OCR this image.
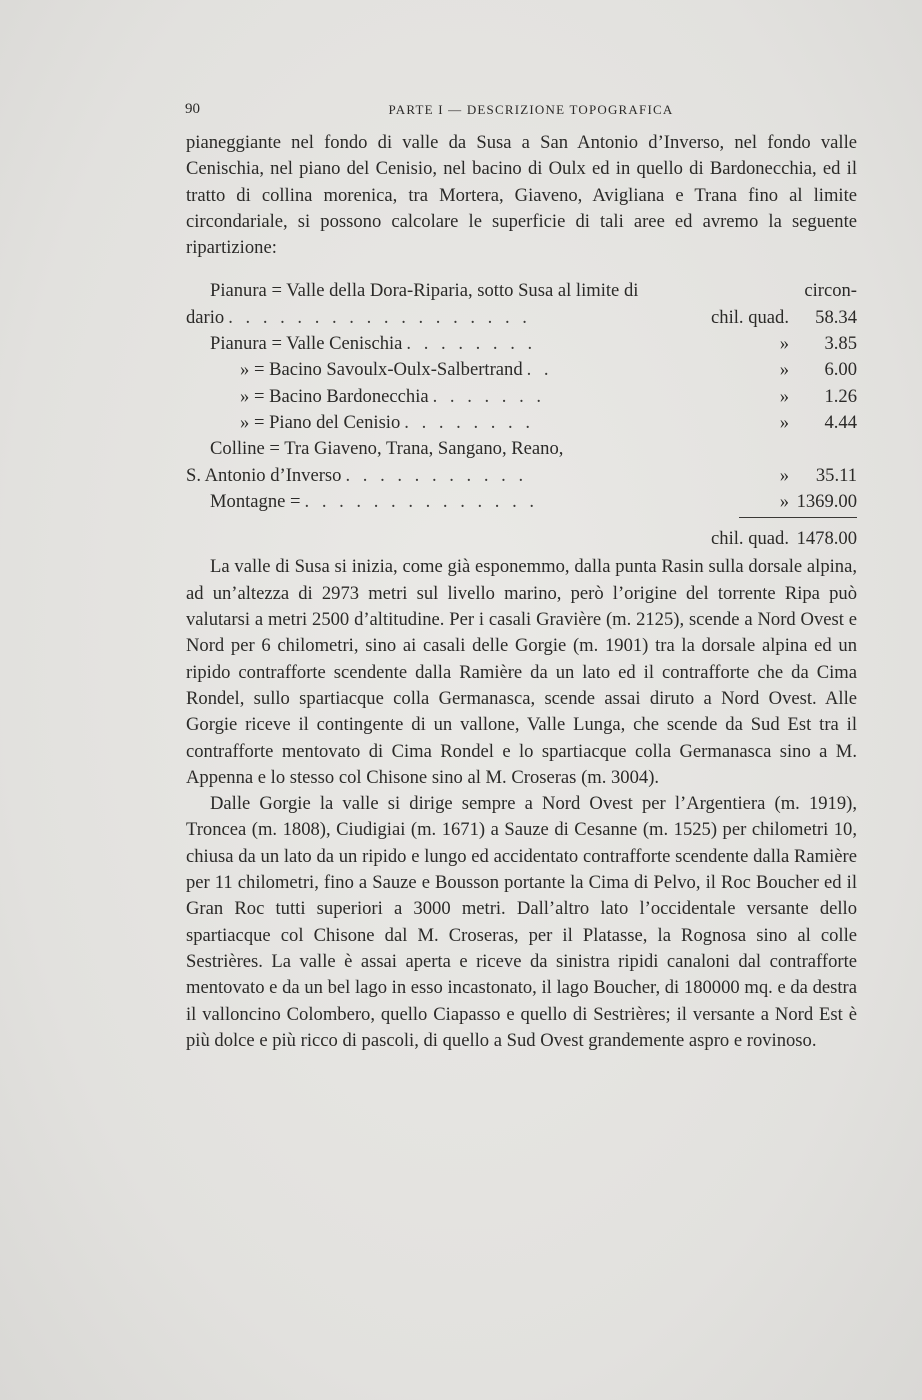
90	PARTE I — DESCRIZIONE TOPOGRAFICA

pianeggiante nel fondo di valle da Susa a San Antonio d’Inverso, nel fondo valle Cenischia, nel piano del Cenisio, nel bacino di Oulx ed in quello di Bardonecchia, ed il tratto di collina morenica, tra Mortera, Giaveno, Avigliana e Trana fino al limite circondariale, si possono calcolare le superficie di tali aree ed avremo la seguente ripartizione:

Pianura = Valle della Dora-Riparia, sotto Susa al limite di	circon-
dario . . . . . . . . . . . . . . . . . .	chil. quad.	58.34
Pianura = Valle Cenischia . . . . . . . .	»	3.85
» = Bacino Savoulx-Oulx-Salbertrand . .	»	6.00
» = Bacino Bardonecchia . . . . . . .	»	1.26
» = Piano del Cenisio . . . . . . . .	»	4.44
Colline = Tra Giaveno, Trana, Sangano, Reano,
S. Antonio d’Inverso . . . . . . . . . . .	»	35.11
Montagne = . . . . . . . . . . . . . .	» 1369.00
chil. quad. 1478.00

La valle di Susa si inizia, come già esponemmo, dalla punta Rasin sulla dorsale alpina, ad un’altezza di 2973 metri sul livello marino, però l’origine del torrente Ripa può valutarsi a metri 2500 d’altitudine. Per i casali Gravière (m. 2125), scende a Nord Ovest e Nord per 6 chilometri, sino ai casali delle Gorgie (m. 1901) tra la dorsale alpina ed un ripido contrafforte scendente dalla Ramière da un lato ed il contrafforte che da Cima Rondel, sullo spartiacque colla Germanasca, scende assai diruto a Nord Ovest. Alle Gorgie riceve il contingente di un vallone, Valle Lunga, che scende da Sud Est tra il contrafforte mentovato di Cima Rondel e lo spartiacque colla Germanasca sino a M. Appenna e lo stesso col Chisone sino al M. Croseras (m. 3004).

Dalle Gorgie la valle si dirige sempre a Nord Ovest per l’Argentiera (m. 1919), Troncea (m. 1808), Ciudigiai (m. 1671) a Sauze di Cesanne (m. 1525) per chilometri 10, chiusa da un lato da un ripido e lungo ed accidentato contrafforte scendente dalla Ramière per 11 chilometri, fino a Sauze e Bousson portante la Cima di Pelvo, il Roc Boucher ed il Gran Roc tutti superiori a 3000 metri. Dall’altro lato l’occidentale versante dello spartiacque col Chisone dal M. Croseras, per il Platasse, la Rognosa sino al colle Sestrières. La valle è assai aperta e riceve da sinistra ripidi canaloni dal contrafforte mentovato e da un bel lago in esso incastonato, il lago Boucher, di 180000 mq. e da destra il valloncino Colombero, quello Ciapasso e quello di Sestrières; il versante a Nord Est è più dolce e più ricco di pascoli, di quello a Sud Ovest grandemente aspro e rovinoso.
